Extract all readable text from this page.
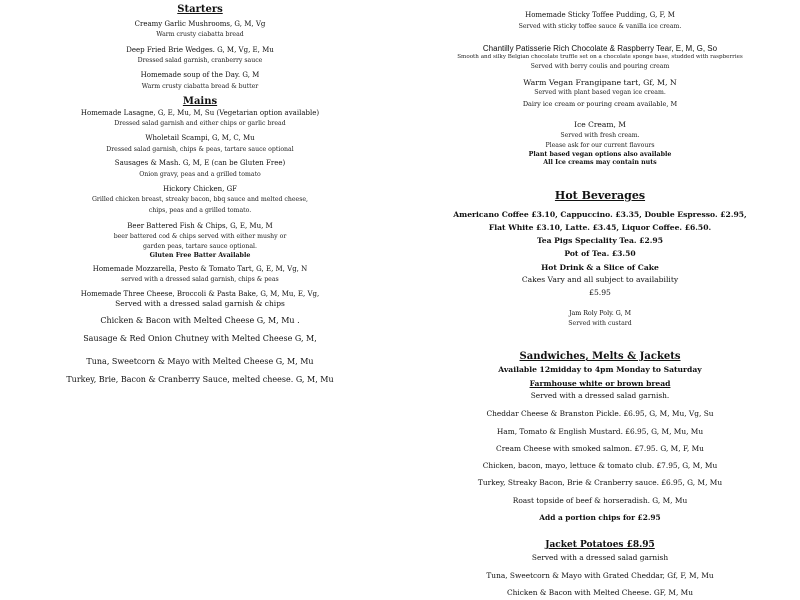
Starters
Creamy Garlic Mushrooms, G, M, Vg
Warm crusty ciabatta bread
Deep Fried Brie Wedges. G, M, Vg, E, Mu
Dressed salad garnish, cranberry sauce
Homemade soup of the Day. G, M
Warm crusty ciabatta bread & butter
Mains
Homemade Lasagne, G, E, Mu, M, Su (Vegetarian option available)
Dressed salad garnish and either chips or garlic bread
Wholetail Scampi, G, M, C, Mu
Dressed salad garnish, chips & peas, tartare sauce optional
Sausages & Mash. G, M, E (can be Gluten Free)
Onion gravy, peas and a grilled tomato
Hickory Chicken, GF
Grilled chicken breast, streaky bacon, bbq sauce and melted cheese,
chips, peas and a grilled tomato.
Beer Battered Fish & Chips, G, E, Mu, M
beer battered cod & chips served with either mushy or
garden peas, tartare sauce optional.
Gluten Free Batter Available
Homemade Mozzarella, Pesto & Tomato Tart, G, E, M, Vg, N
served with a dressed salad garnish, chips & peas
Homemade Three Cheese, Broccoli & Pasta Bake, G, M, Mu, E, Vg,
Served with a dressed salad garnish & chips
Chicken & Bacon with Melted Cheese G, M, Mu .
Sausage & Red Onion Chutney with Melted Cheese G, M,
Tuna, Sweetcorn & Mayo with Melted Cheese G, M, Mu
Turkey, Brie, Bacon & Cranberry Sauce, melted cheese. G, M, Mu
Homemade Sticky Toffee Pudding, G, F, M
Served with sticky toffee sauce & vanilla ice cream.
Chantilly Patisserie Rich Chocolate & Raspberry Tear, E, M, G, So
Smooth and silky Belgian chocolate truffle set on a chocolate sponge base, studded with raspberries
Served with berry coulis and pouring cream
Warm Vegan Frangipane tart, Gf, M, N
Served with plant based vegan ice cream.
Dairy ice cream or pouring cream available, M
Ice Cream, M
Served with fresh cream.
Please ask for our current flavours
Plant based vegan options also available
All Ice creams may contain nuts
Hot Beverages
Americano Coffee £3.10, Cappuccino. £3.35, Double Espresso. £2.95,
Flat White £3.10, Latte. £3.45, Liquor Coffee. £6.50.
Tea Pigs Speciality Tea. £2.95
Pot of Tea. £3.50
Hot Drink & a Slice of Cake
Cakes Vary and all subject to availability
£5.95
Jam Roly Poly. G, M
Served with custard
Sandwiches, Melts & Jackets
Available 12midday to 4pm Monday to Saturday
Farmhouse white or brown bread
Served with a dressed salad garnish.
Cheddar Cheese & Branston Pickle. £6.95, G, M, Mu, Vg, Su
Ham, Tomato & English Mustard. £6.95, G, M, Mu, Mu
Cream Cheese with smoked salmon. £7.95. G, M, F, Mu
Chicken, bacon, mayo, lettuce & tomato club. £7.95, G, M, Mu
Turkey, Streaky Bacon, Brie & Cranberry sauce. £6.95, G, M, Mu
Roast topside of beef & horseradish. G, M, Mu
Add a portion chips for £2.95
Jacket Potatoes £8.95
Served with a dressed salad garnish
Tuna, Sweetcorn & Mayo with Grated Cheddar, Gf, F, M, Mu
Chicken & Bacon with Melted Cheese. GF, M, Mu
